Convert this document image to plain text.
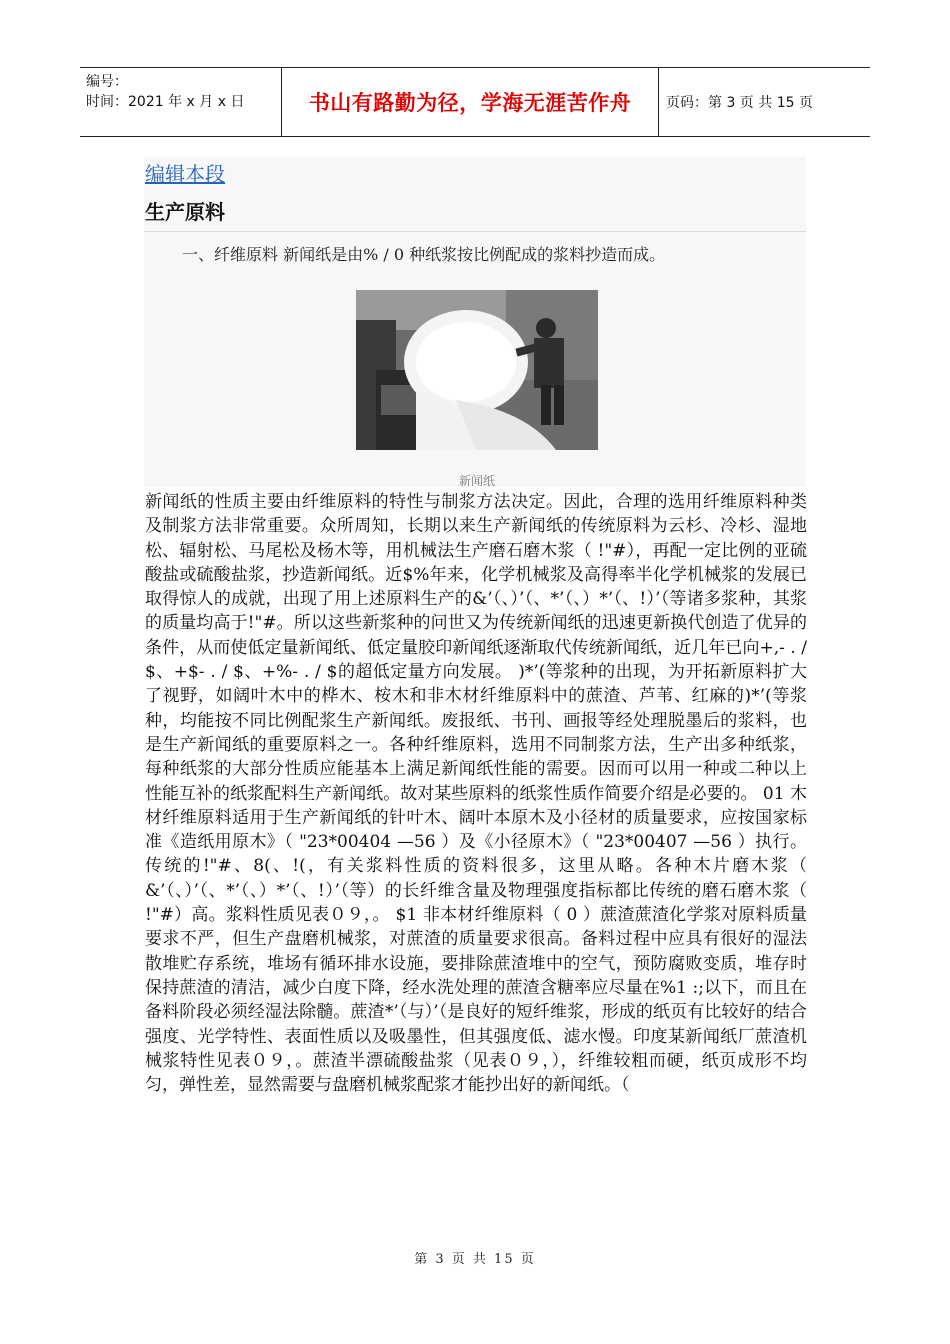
编号：
时间：2021 年 x 月 x 日	书山有路勤为径，学海无涯苦作舟	页码：第 3 页 共 15 页
编辑本段
生产原料
一、纤维原料 新闻纸是由% / 0 种纸浆按比例配成的浆料抄造而成。
新闻纸

新闻纸的性质主要由纤维原料的特性与制浆方法决定。因此，合理的选用纤维原料种类及制浆方法非常重要。众所周知，长期以来生产新闻纸的传统原料为云杉、冷杉、湿地松、辐射松、马尾松及杨木等，用机械法生产磨石磨木浆（ !"#），再配一定比例的亚硫酸盐或硫酸盐浆，抄造新闻纸。近$%年来，化学机械浆及高得率半化学机械浆的发展已取得惊人的成就，出现了用上述原料生产的&’（、）’（、*’（、）*’（、!）’（等诸多浆种，其浆的质量均高于!"#。所以这些新浆种的问世又为传统新闻纸的迅速更新换代创造了优异的条件，从而使低定量新闻纸、低定量胶印新闻纸逐渐取代传统新闻纸，近几年已向+,- . / $、+$- . / $、+%- . / $的超低定量方向发展。 )*’(等浆种的出现，为开拓新原料扩大了视野，如阔叶木中的桦木、桉木和非木材纤维原料中的蔗渣、芦苇、红麻的)*’(等浆种，均能按不同比例配浆生产新闻纸。废报纸、书刊、画报等经处理脱墨后的浆料，也是生产新闻纸的重要原料之一。各种纤维原料，选用不同制浆方法，生产出多种纸浆，每种纸浆的大部分性质应能基本上满足新闻纸性能的需要。因而可以用一种或二种以上性能互补的纸浆配料生产新闻纸。故对某些原料的纸浆性质作简要介绍是必要的。 01 木材纤维原料适用于生产新闻纸的针叶木、阔叶本原木及小径材的质量要求，应按国家标准《造纸用原木》（ "23*00404 —56 ）及《小径原木》（ "23*00407 —56 ）执行。传统的!"#、8(、!(，有关浆料性质的资料很多，这里从略。各种木片磨木浆（ &’（、）’（、*’（、）*’（、!）’（等）的长纤维含量及物理强度指标都比传统的磨石磨木浆（ !"#）高。浆料性质见表０９，。 $1 非本材纤维原料（ 0 ）蔗渣蔗渣化学浆对原料质量要求不严，但生产盘磨机械浆，对蔗渣的质量要求很高。备料过程中应具有很好的湿法散堆贮存系统，堆场有循环排水设施，要排除蔗渣堆中的空气，预防腐败变质，堆存时保持蔗渣的清洁，减少白度下降，经水洗处理的蔗渣含糖率应尽量在%1 :;以下，而且在备料阶段必须经湿法除髓。蔗渣*’（与）’（是良好的短纤维浆，形成的纸页有比较好的结合强度、光学特性、表面性质以及吸墨性，但其强度低、滤水慢。印度某新闻纸厂蔗渣机械浆特性见表０９，。蔗渣半漂硫酸盐浆（见表０９，），纤维较粗而硬，纸页成形不均匀，弹性差，显然需要与盘磨机械浆配浆才能抄出好的新闻纸。（

第 3 页 共 15 页
